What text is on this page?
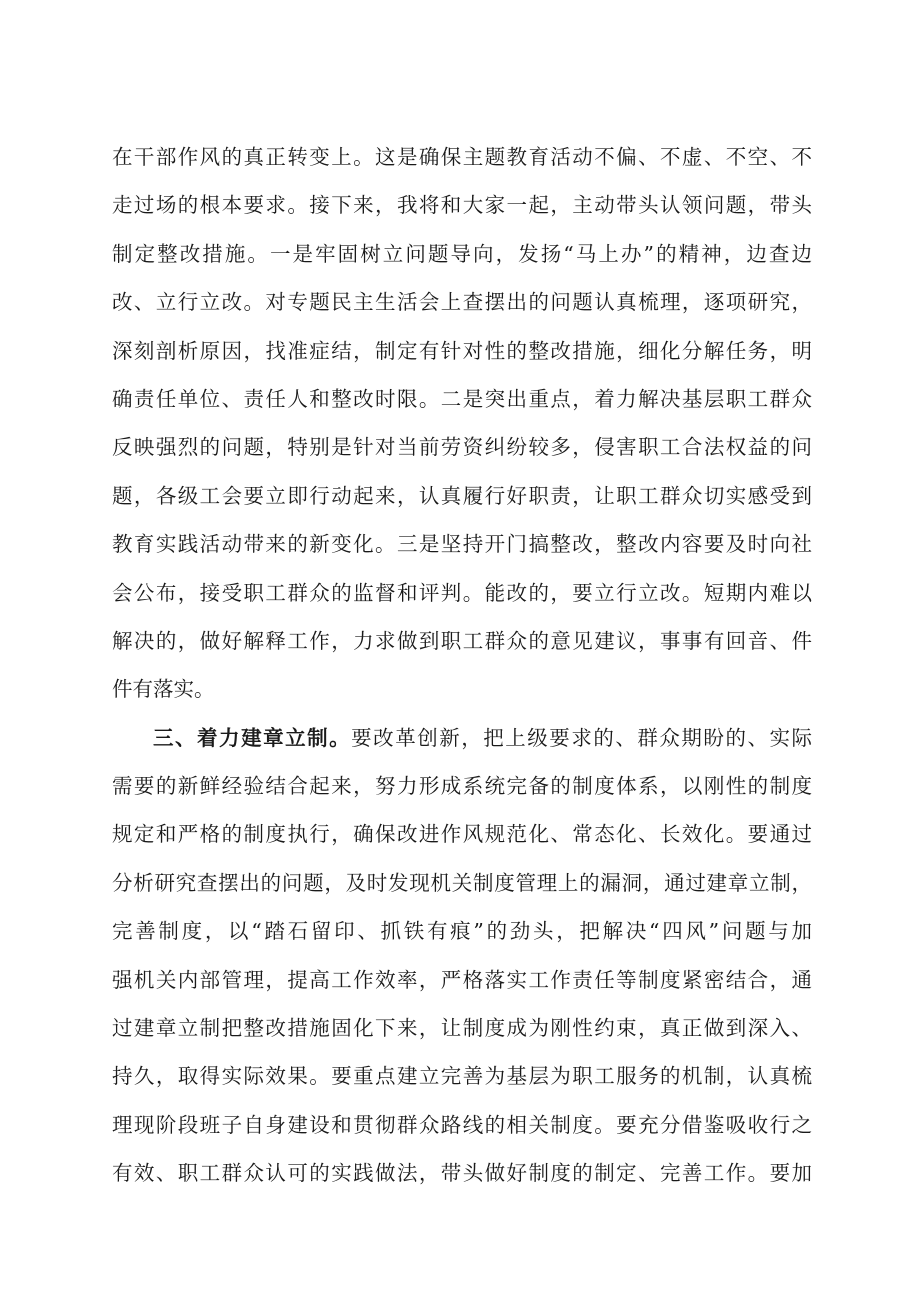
在干部作风的真正转变上。这是确保主题教育活动不偏、不虚、不空、不
走过场的根本要求。接下来，我将和大家一起，主动带头认领问题，带头
制定整改措施。一是牢固树立问题导向，发扬“马上办”的精神，边查边
改、立行立改。对专题民主生活会上查摆出的问题认真梳理，逐项研究，
深刻剖析原因，找准症结，制定有针对性的整改措施，细化分解任务，明
确责任单位、责任人和整改时限。二是突出重点，着力解决基层职工群众
反映强烈的问题，特别是针对当前劳资纠纷较多，侵害职工合法权益的问
题，各级工会要立即行动起来，认真履行好职责，让职工群众切实感受到
教育实践活动带来的新变化。三是坚持开门搞整改，整改内容要及时向社
会公布，接受职工群众的监督和评判。能改的，要立行立改。短期内难以
解决的，做好解释工作，力求做到职工群众的意见建议，事事有回音、件
件有落实。
三、着力建章立制。要改革创新，把上级要求的、群众期盼的、实际
需要的新鲜经验结合起来，努力形成系统完备的制度体系，以刚性的制度
规定和严格的制度执行，确保改进作风规范化、常态化、长效化。要通过
分析研究查摆出的问题，及时发现机关制度管理上的漏洞，通过建章立制，
完善制度，以“踏石留印、抓铁有痕”的劲头，把解决“四风”问题与加
强机关内部管理，提高工作效率，严格落实工作责任等制度紧密结合，通
过建章立制把整改措施固化下来，让制度成为刚性约束，真正做到深入、
持久，取得实际效果。要重点建立完善为基层为职工服务的机制，认真梳
理现阶段班子自身建设和贯彻群众路线的相关制度。要充分借鉴吸收行之
有效、职工群众认可的实践做法，带头做好制度的制定、完善工作。要加
